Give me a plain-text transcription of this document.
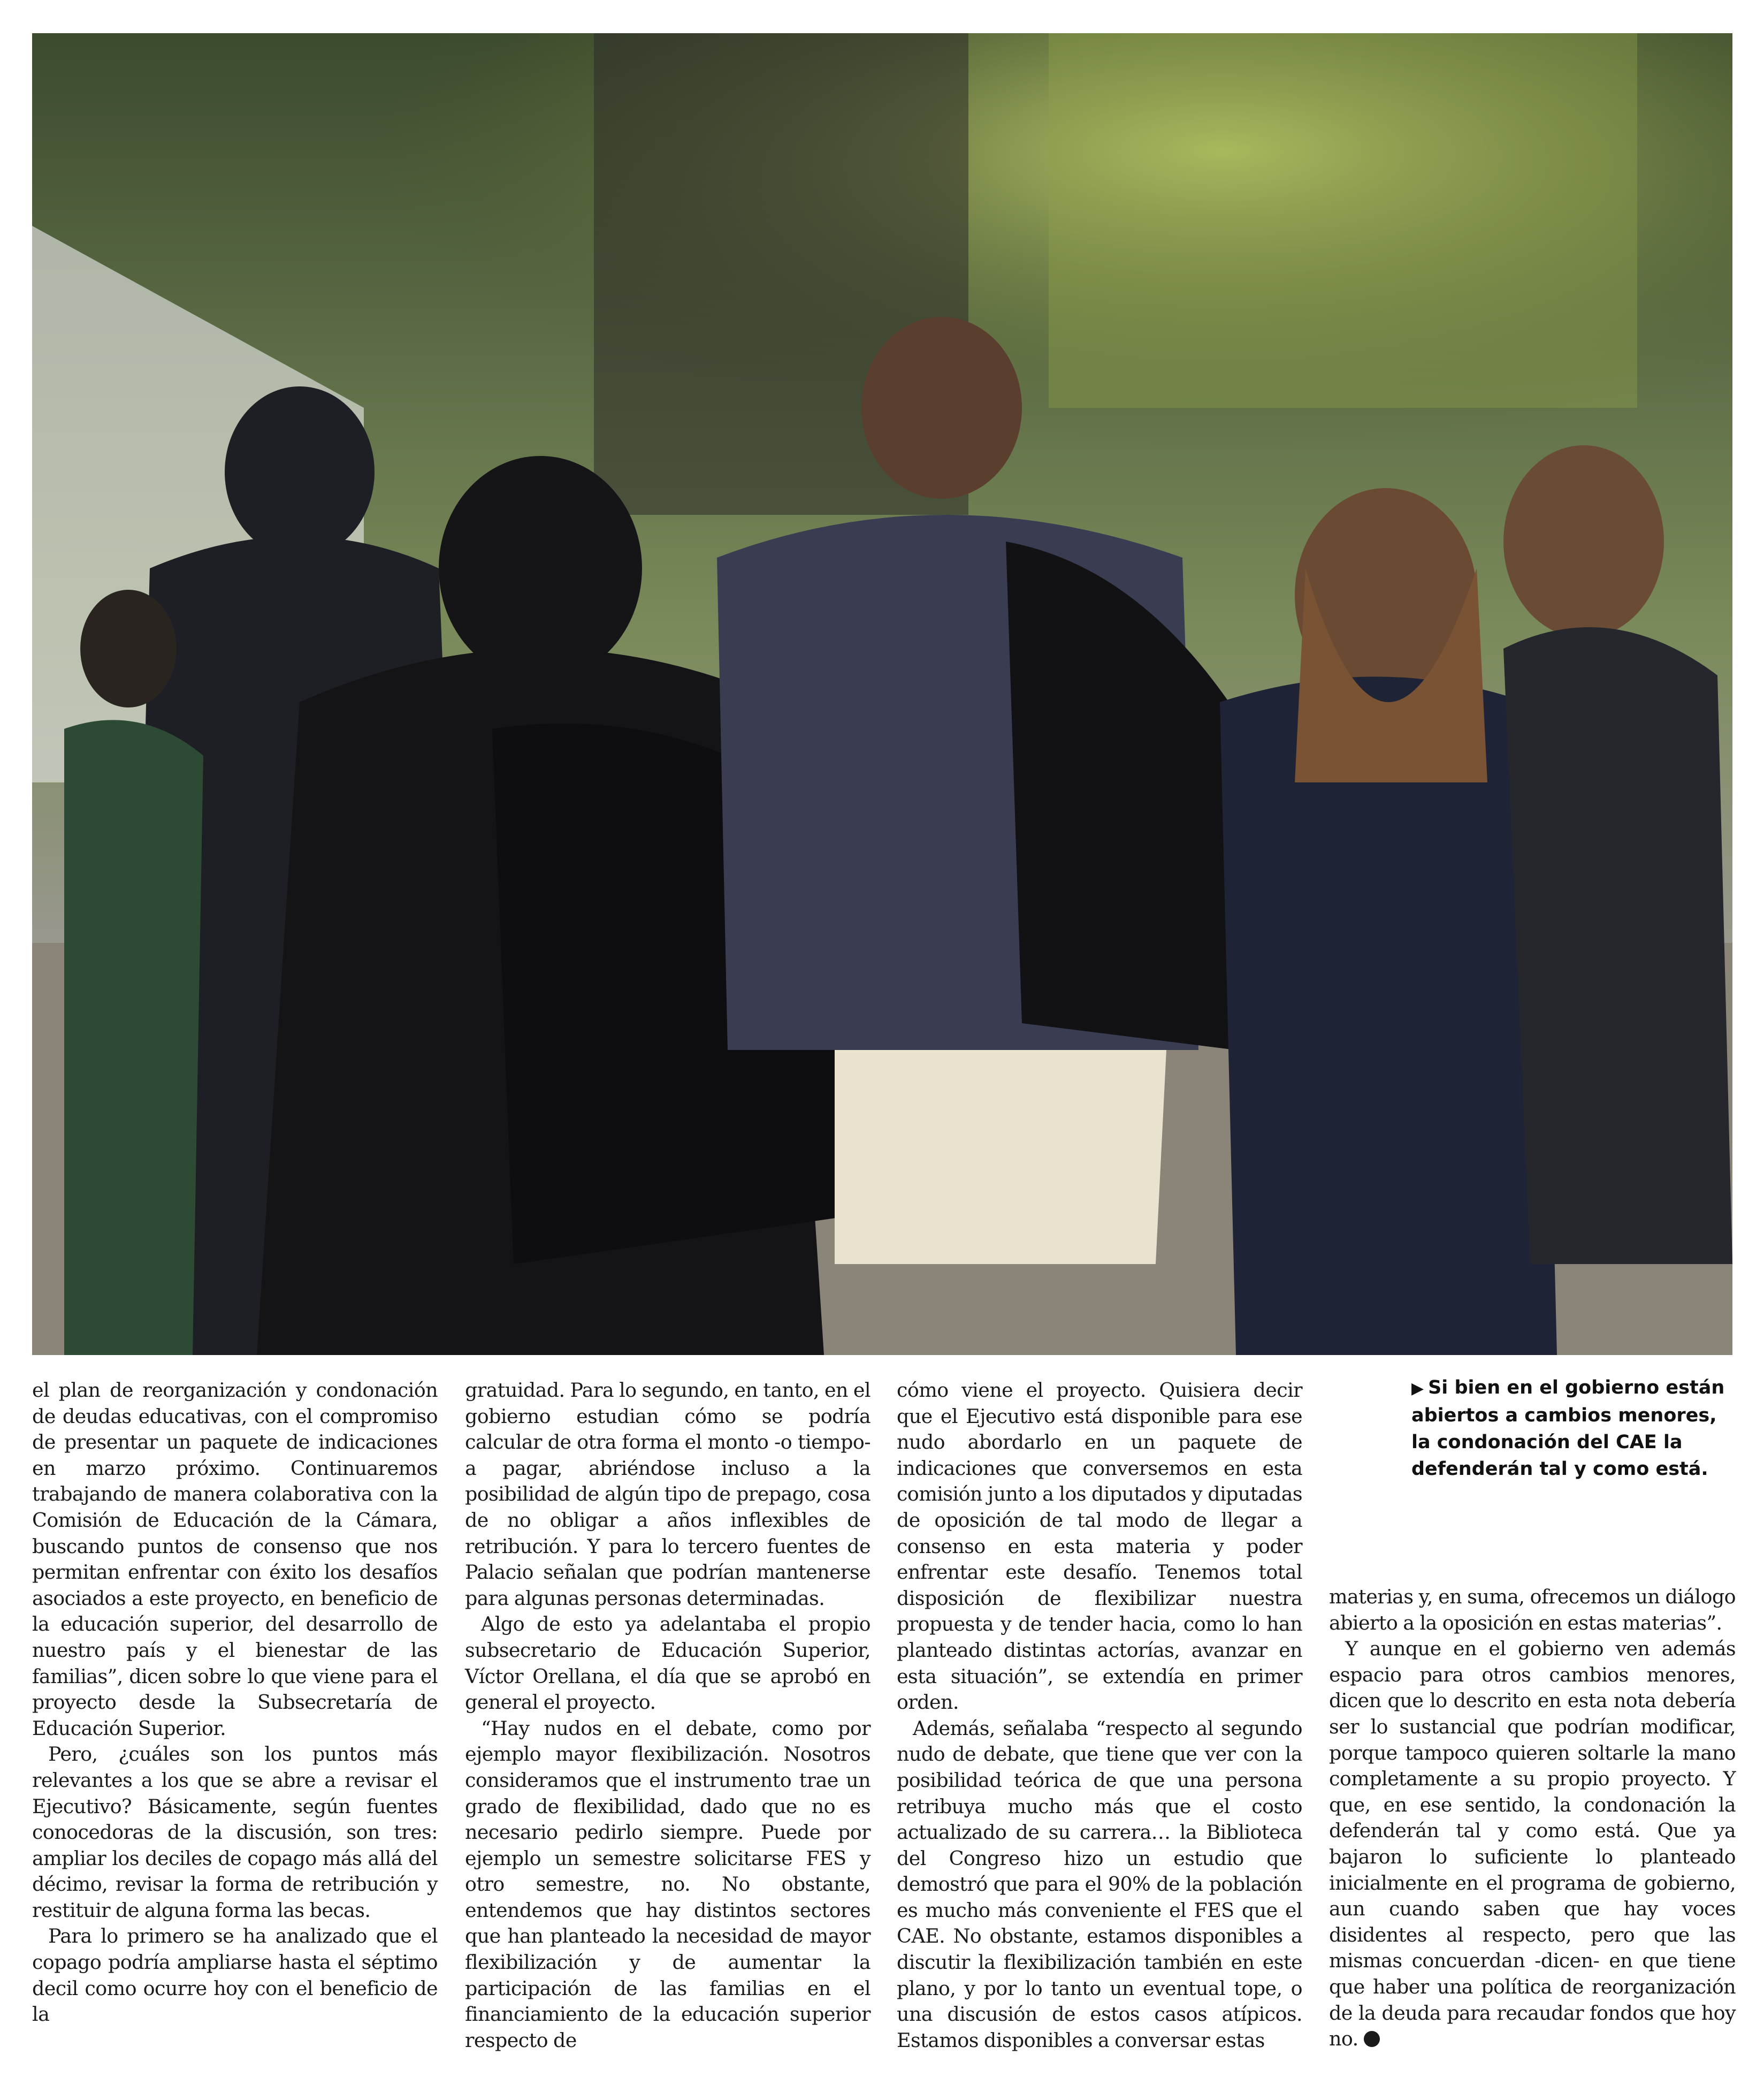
el plan de reorganización y condonación de deudas educativas, con el compromiso de presentar un paquete de indicaciones en marzo próximo. Continuaremos trabajando de manera colaborativa con la Comisión de Educación de la Cámara, buscando puntos de consenso que nos permitan enfrentar con éxito los desafíos asociados a este proyecto, en beneficio de la educación superior, del desarrollo de nuestro país y el bienestar de las familias”, dicen sobre lo que viene para el proyecto desde la Subsecretaría de Educación Superior.

Pero, ¿cuáles son los puntos más relevantes a los que se abre a revisar el Ejecutivo? Básicamente, según fuentes conocedoras de la discusión, son tres: ampliar los deciles de copago más allá del décimo, revisar la forma de retribución y restituir de alguna forma las becas.

Para lo primero se ha analizado que el copago podría ampliarse hasta el séptimo decil como ocurre hoy con el beneficio de la

gratuidad. Para lo segundo, en tanto, en el gobierno estudian cómo se podría calcular de otra forma el monto -o tiempo- a pagar, abriéndose incluso a la posibilidad de algún tipo de prepago, cosa de no obligar a años inflexibles de retribución. Y para lo tercero fuentes de Palacio señalan que podrían mantenerse para algunas personas determinadas.

Algo de esto ya adelantaba el propio subsecretario de Educación Superior, Víctor Orellana, el día que se aprobó en general el proyecto.

“Hay nudos en el debate, como por ejemplo mayor flexibilización. Nosotros consideramos que el instrumento trae un grado de flexibilidad, dado que no es necesario pedirlo siempre. Puede por ejemplo un semestre solicitarse FES y otro semestre, no. No obstante, entendemos que hay distintos sectores que han planteado la necesidad de mayor flexibilización y de aumentar la participación de las familias en el financiamiento de la educación superior respecto de

cómo viene el proyecto. Quisiera decir que el Ejecutivo está disponible para ese nudo abordarlo en un paquete de indicaciones que conversemos en esta comisión junto a los diputados y diputadas de oposición de tal modo de llegar a consenso en esta materia y poder enfrentar este desafío. Tenemos total disposición de flexibilizar nuestra propuesta y de tender hacia, como lo han planteado distintas actorías, avanzar en esta situación”, se extendía en primer orden.

Además, señalaba “respecto al segundo nudo de debate, que tiene que ver con la posibilidad teórica de que una persona retribuya mucho más que el costo actualizado de su carrera… la Biblioteca del Congreso hizo un estudio que demostró que para el 90% de la población es mucho más conveniente el FES que el CAE. No obstante, estamos disponibles a discutir la flexibilización también en este plano, y por lo tanto un eventual tope, o una discusión de estos casos atípicos. Estamos disponibles a conversar estas

▶ Si bien en el gobierno están abiertos a cambios menores, la condonación del CAE la defenderán tal y como está.

materias y, en suma, ofrecemos un diálogo abierto a la oposición en estas materias”.

Y aunque en el gobierno ven además espacio para otros cambios menores, dicen que lo descrito en esta nota debería ser lo sustancial que podrían modificar, porque tampoco quieren soltarle la mano completamente a su propio proyecto. Y que, en ese sentido, la condonación la defenderán tal y como está. Que ya bajaron lo suficiente lo planteado inicialmente en el programa de gobierno, aun cuando saben que hay voces disidentes al respecto, pero que las mismas concuerdan -dicen- en que tiene que haber una política de reorganización de la deuda para recaudar fondos que hoy no.
